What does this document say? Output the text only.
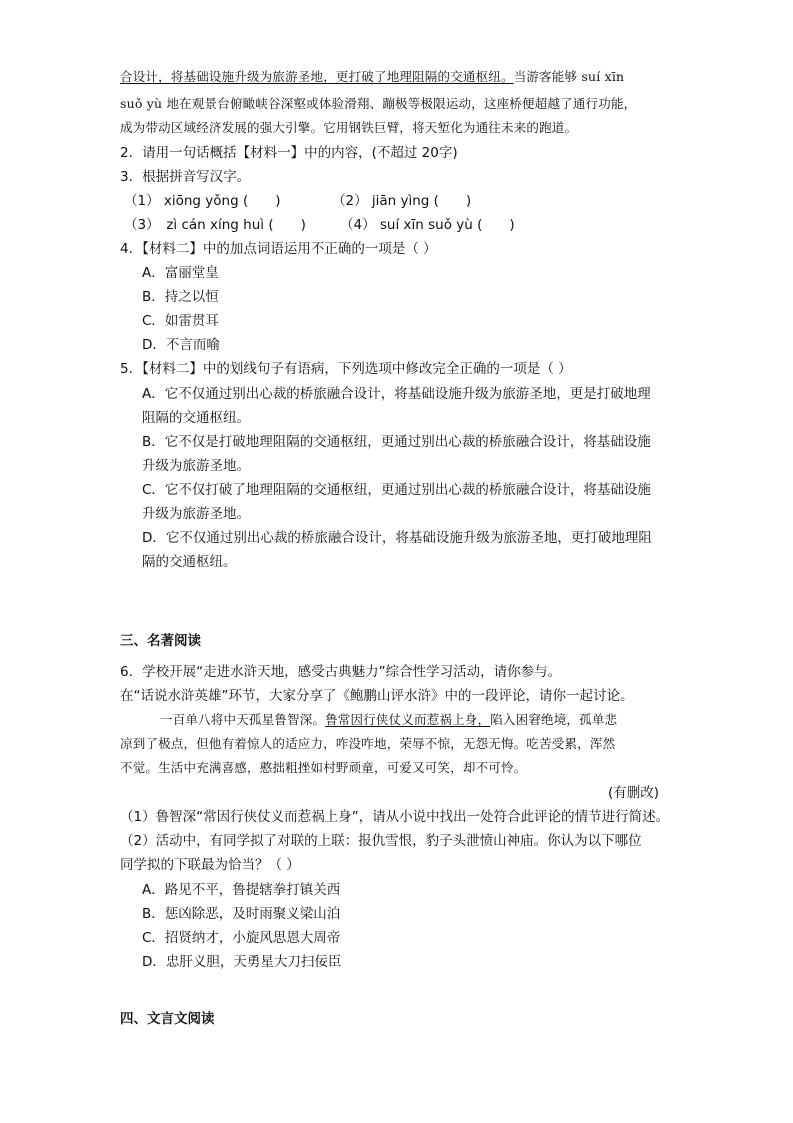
合设计，将基础设施升级为旅游圣地，更打破了地理阻隔的交通枢纽。当游客能够 suí xīn
suǒ yù 地在观景台俯瞰峡谷深壑或体验滑翔、蹦极等极限运动，这座桥便超越了通行功能，
成为带动区域经济发展的强大引擎。它用钢铁巨臂，将天堑化为通往未来的跑道。
2．请用一句话概括【材料一】中的内容，(不超过 20字)
3．根据拼音写汉字。
（1） xiōng yǒng (　　)	（2） jiān yìng (　　)
（3）　zì cán xíng huì (　　)	（4） suí xīn suǒ yù (　　)
4．【材料二】中的加点词语运用不正确的一项是（ ）
A．富丽堂皇
B．持之以恒
C．如雷贯耳
D．不言而喻
5．【材料二】中的划线句子有语病，下列选项中修改完全正确的一项是（ ）
A．它不仅通过别出心裁的桥旅融合设计，将基础设施升级为旅游圣地，更是打破地理
阻隔的交通枢纽。
B．它不仅是打破地理阻隔的交通枢纽，更通过别出心裁的桥旅融合设计，将基础设施
升级为旅游圣地。
C．它不仅打破了地理阻隔的交通枢纽，更通过别出心裁的桥旅融合设计，将基础设施
升级为旅游圣地。
D．它不仅通过别出心裁的桥旅融合设计，将基础设施升级为旅游圣地，更打破地理阻
隔的交通枢纽。
三、名著阅读
6．学校开展“走进水浒天地，感受古典魅力”综合性学习活动，请你参与。
在“话说水浒英雄”环节，大家分享了《鲍鹏山评水浒》中的一段评论，请你一起讨论。
一百单八将中天孤星鲁智深。鲁常因行侠仗义而惹祸上身，陷入困窘绝境，孤单悲
凉到了极点，但他有着惊人的适应力，咋没咋地，荣辱不惊，无怨无悔。吃苦受累，浑然
不觉。生活中充满喜感，憨拙粗挫如村野顽童，可爱又可笑，却不可怜。
(有删改)
（1）鲁智深“常因行侠仗义而惹祸上身”，请从小说中找出一处符合此评论的情节进行简述。
（2）活动中，有同学拟了对联的上联：报仇雪恨，豹子头泄愤山神庙。你认为以下哪位
同学拟的下联最为恰当？（ ）
A．路见不平，鲁提辖拳打镇关西
B．惩凶除恶，及时雨聚义梁山泊
C．招贤纳才，小旋风思恩大周帝
D．忠肝义胆，天勇星大刀扫佞臣
四、文言文阅读
